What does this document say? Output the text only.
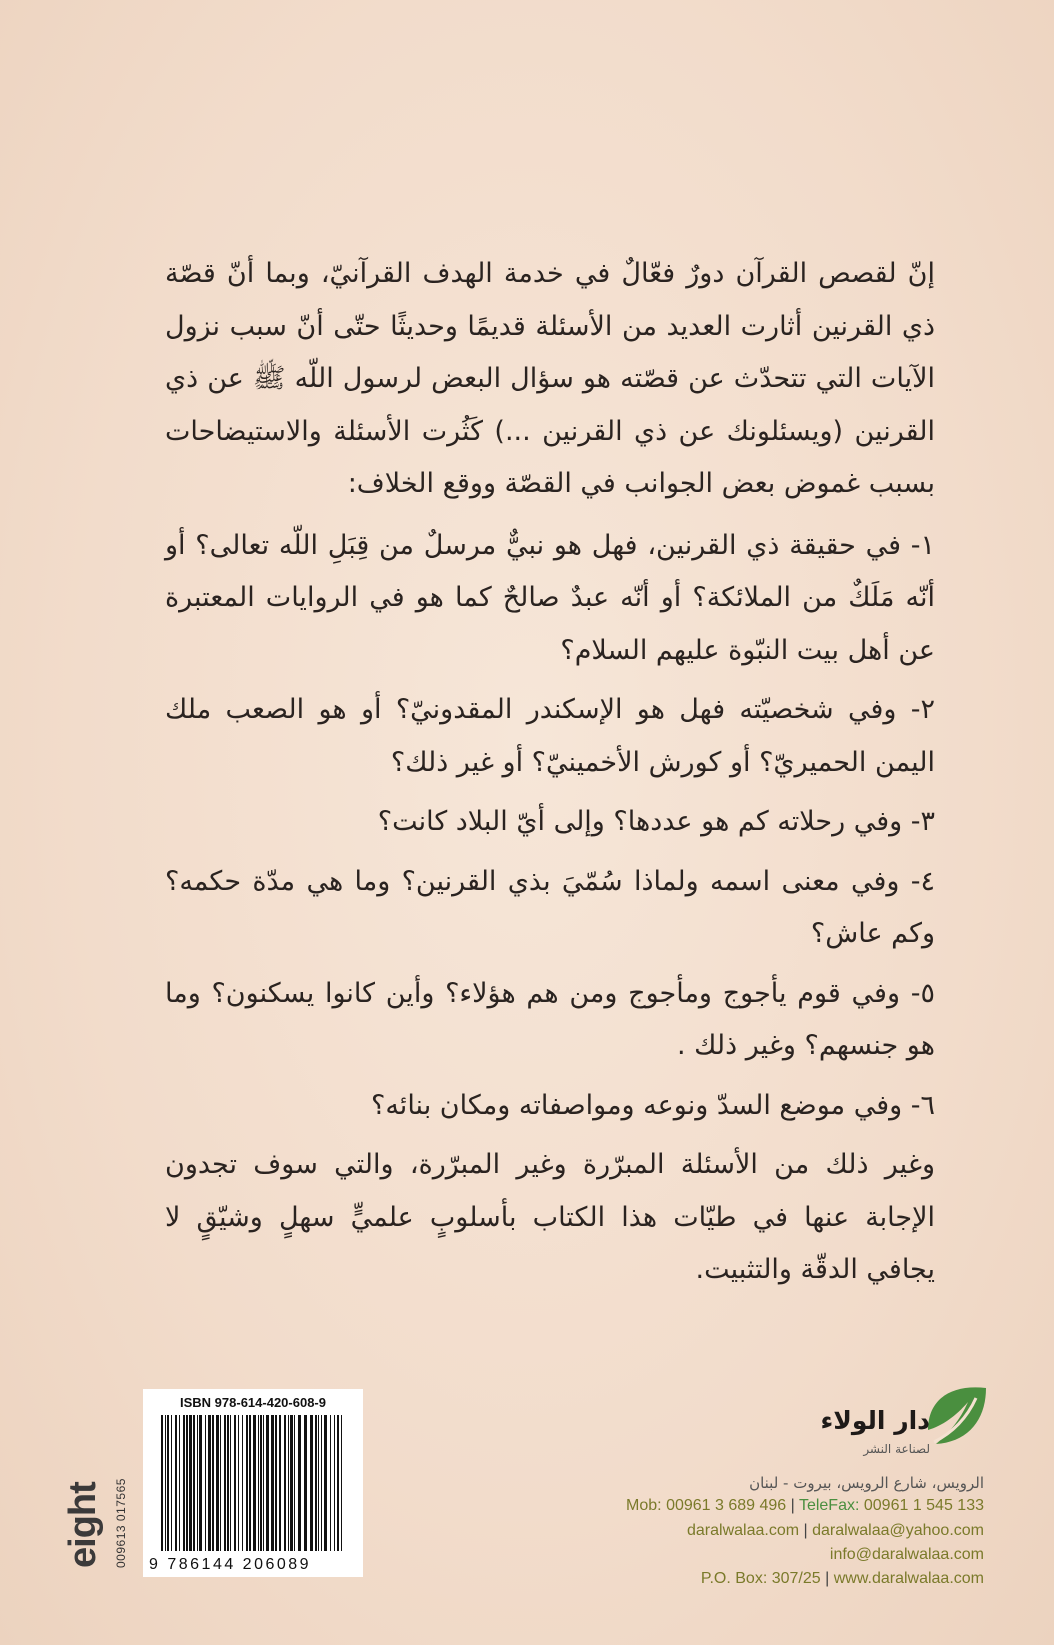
إنّ لقصص القرآن دورٌ فعّالٌ في خدمة الهدف القرآنيّ، وبما أنّ قصّة ذي القرنين أثارت العديد من الأسئلة قديمًا وحديثًا حتّى أنّ سبب نزول الآيات التي تتحدّث عن قصّته هو سؤال البعض لرسول اللّه ﷺ عن ذي القرنين (ويسئلونك عن ذي القرنين ...) كَثُرت الأسئلة والاستيضاحات بسبب غموض بعض الجوانب في القصّة ووقع الخلاف:

١- في حقيقة ذي القرنين، فهل هو نبيٌّ مرسلٌ من قِبَلِ اللّه تعالى؟ أو أنّه مَلَكٌ من الملائكة؟ أو أنّه عبدٌ صالحٌ كما هو في الروايات المعتبرة عن أهل بيت النبّوة عليهم السلام؟

٢- وفي شخصيّته فهل هو الإسكندر المقدونيّ؟ أو هو الصعب ملك اليمن الحميريّ؟ أو كورش الأخمينيّ؟ أو غير ذلك؟

٣- وفي رحلاته كم هو عددها؟ وإلى أيّ البلاد كانت؟

٤- وفي معنى اسمه ولماذا سُمّيَ بذي القرنين؟ وما هي مدّة حكمه؟ وكم عاش؟

٥- وفي قوم يأجوج ومأجوج ومن هم هؤلاء؟ وأين كانوا يسكنون؟ وما هو جنسهم؟ وغير ذلك .

٦- وفي موضع السدّ ونوعه ومواصفاته ومكان بنائه؟

وغير ذلك من الأسئلة المبرّرة وغير المبرّرة، والتي سوف تجدون الإجابة عنها في طيّات هذا الكتاب بأسلوبٍ علميٍّ سهلٍ وشيّقٍ لا يجافي الدقّة والتثبيت.

eight 009613 017565
ISBN 978-614-420-608-9
9 786144 206089
دار الولاء
لصناعة النشر
الرويس، شارع الرويس، بيروت - لبنان
Mob: 00961 3 689 496 | TeleFax: 00961 1 545 133
daralwalaa.com | daralwalaa@yahoo.com
info@daralwalaa.com
P.O. Box: 307/25 | www.daralwalaa.com
